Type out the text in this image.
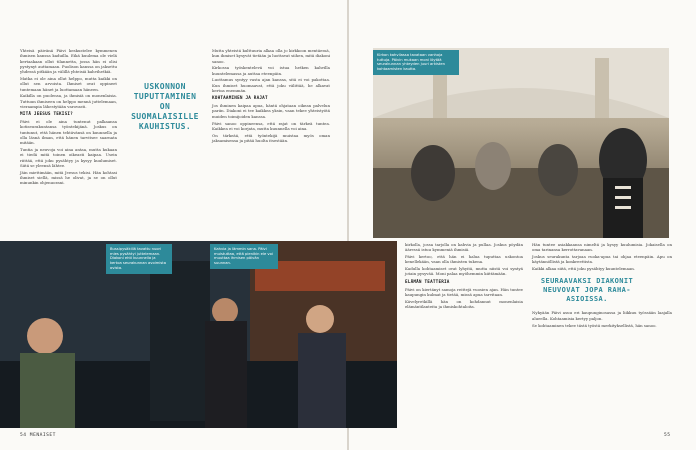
Yhteisä päivänä Päivi keskustelee kymmenen ihmisen kanssa kaduilla. Eikä kuulema ole vielä kertaakaan ollut tilannetta, jossa hän ei olisi pystynyt auttamaan. Puolison kanssa on jaksettu yhdessä pitkään ja välillä yhteisiä kahvihetkiä.

Matka ei ole aina ollut helppo, mutta kaikki on ollut sen arvoista. Ihmiset ovat oppineet tuntemaan hänet ja luottamaan häneen.

Kaikilla on puolensa, ja ihmisiä on monenlaisia. Tuttuun ihmiseen on helppo mennä juttelemaan, vieraampia lähestytään varovasti.

MITÄ JEESUS TEKISI?

Päivi ei ole aina tuntenut palkaansa kotiseurakuntansa työntekijänä. Joskus on tuntunut, että hänen tehtävänsä on kuunnella ja olla läsnä ilman, että hänen tarvitsee saarnata mitään.

Tuntia ja neuvoja voi aina antaa, mutta kukaan ei tiedä mitä toinen oikeasti kaipaa. Usein riittää, että joku pysähtyy ja kysyy kuulumiset. Siitä se yleensä lähtee.

Jäin miettimään, mitä Jeesus tekisi. Hän kohtasi ihmiset siellä, missä he olivat, ja se on ollut minunkin ohjenuorani.

USKONNON TUPUTTAMINEN ON SUOMALAISILLE KAUHISTUS.

Mutta yhteistä kulttuuria alkaa olla jo kirkkoon mentäessä, kun ihmiset kysyvät tietään ja luottavat siihen, mitä diakoni sanoo.

Kirkossa työskentelevä voi istua hetken kahvilla kuuntelemassa ja auttaa eteenpäin.

Luottamus syntyy vasta ajan kanssa, sitä ei voi pakottaa. Kun ihmiset huomaavat, että joku välittää, he alkavat kertoa enemmän.

KOHTAAMINEN JA RAJAT

Jos ihminen kaipaa apua, häntä ohjataan oikean palvelun pariin. Diakoni ei tee kaikkea yksin, vaan tekee yhteistyötä muiden toimijoiden kanssa.

Päivi sanoo oppineensa, että rajat on tärkeä tuntea. Kaikkea ei voi korjata, mutta kuunnella voi aina.

On tärkeää, että työntekijä muistaa myös oman jaksamisensa ja pitää huolta itsestään.

Kirkon kahvilassa tavataan vanhoja tuttuja. Päivin mukaan moni löytää seurakunnan yhteyden juuri arkisten kohtaamisten kautta.
Bussipysäkillä tavattu nuori mies pysähtyi juttelemaan. Diakoni ehti kuunnella ja kertoa seurakunnan avoimista ovista.
Kahvia ja lämmin sana. Päivi muistuttaa, että pienikin ele voi muuttaa ihmisen päivän suunnan.

kirkolla, jossa tarjolla on kahvia ja pullaa. Joskus pöydän ääressä istuu kymmeniä ihmisiä.

Päivi kertoo, että hän ei halua tuputtaa uskontoa kenellekään, vaan olla ihmisten tukena.

Kadulla kohtaamiset ovat lyhyitä, mutta niistä voi syntyä jotain pysyvää. Moni palaa myöhemmin kiittämään.

ELÄMÄN TEATTERIA

Päivi on kiertänyt samoja reittejä vuosien ajan. Hän tuntee kaupungin kulmat ja tietää, missä apua tarvitaan.

Kävelyretkillä hän on kohdannut monenlaisia elämäntilanteita ja ihmiskohtaloita.

Hän tuntee asiakkaansa nimeltä ja kysyy kuulumisia. Jokaisella on oma tarinansa kerrottavanaan.

Joskus seurakunta tarjoaa ruoka-apua tai ohjaa eteenpäin. Apu on käytännöllistä ja konkreettista.

Kaikki alkaa siitä, että joku pysähtyy kuuntelemaan.

SEURAAVAKSI DIAKONIT NEUVOVAT JOPA RAHA-ASIOISSA.

Nykyään Päivi asuu eri kaupunginosassa ja liikkuu työssään laajalla alueella. Kohtaamisia kertyy paljon.

Se kohtaaminen tekee tästä työstä merkityksellistä, hän sanoo.

54 MENAISET	55
